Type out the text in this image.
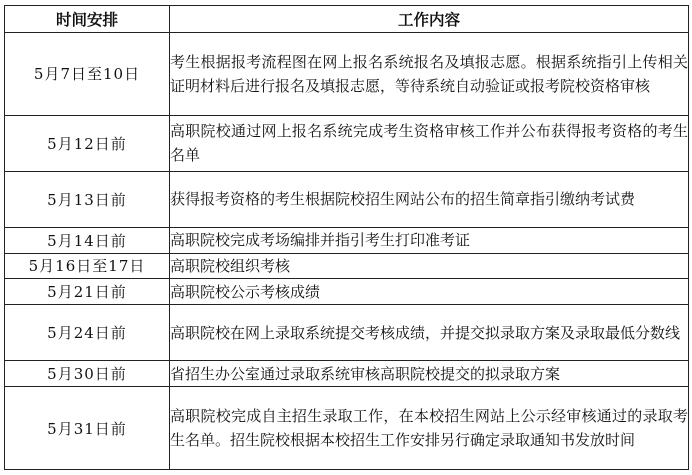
时间安排	工作内容
5月7日至10日	考生根据报考流程图在网上报名系统报名及填报志愿。根据系统指引上传相关证明材料后进行报名及填报志愿，等待系统自动验证或报考院校资格审核
5月12日前	高职院校通过网上报名系统完成考生资格审核工作并公布获得报考资格的考生名单
5月13日前	获得报考资格的考生根据院校招生网站公布的招生简章指引缴纳考试费
5月14日前	高职院校完成考场编排并指引考生打印准考证
5月16日至17日	高职院校组织考核
5月21日前	高职院校公示考核成绩
5月24日前	高职院校在网上录取系统提交考核成绩，并提交拟录取方案及录取最低分数线
5月30日前	省招生办公室通过录取系统审核高职院校提交的拟录取方案
5月31日前	高职院校完成自主招生录取工作，在本校招生网站上公示经审核通过的录取考生名单。招生院校根据本校招生工作安排另行确定录取通知书发放时间
